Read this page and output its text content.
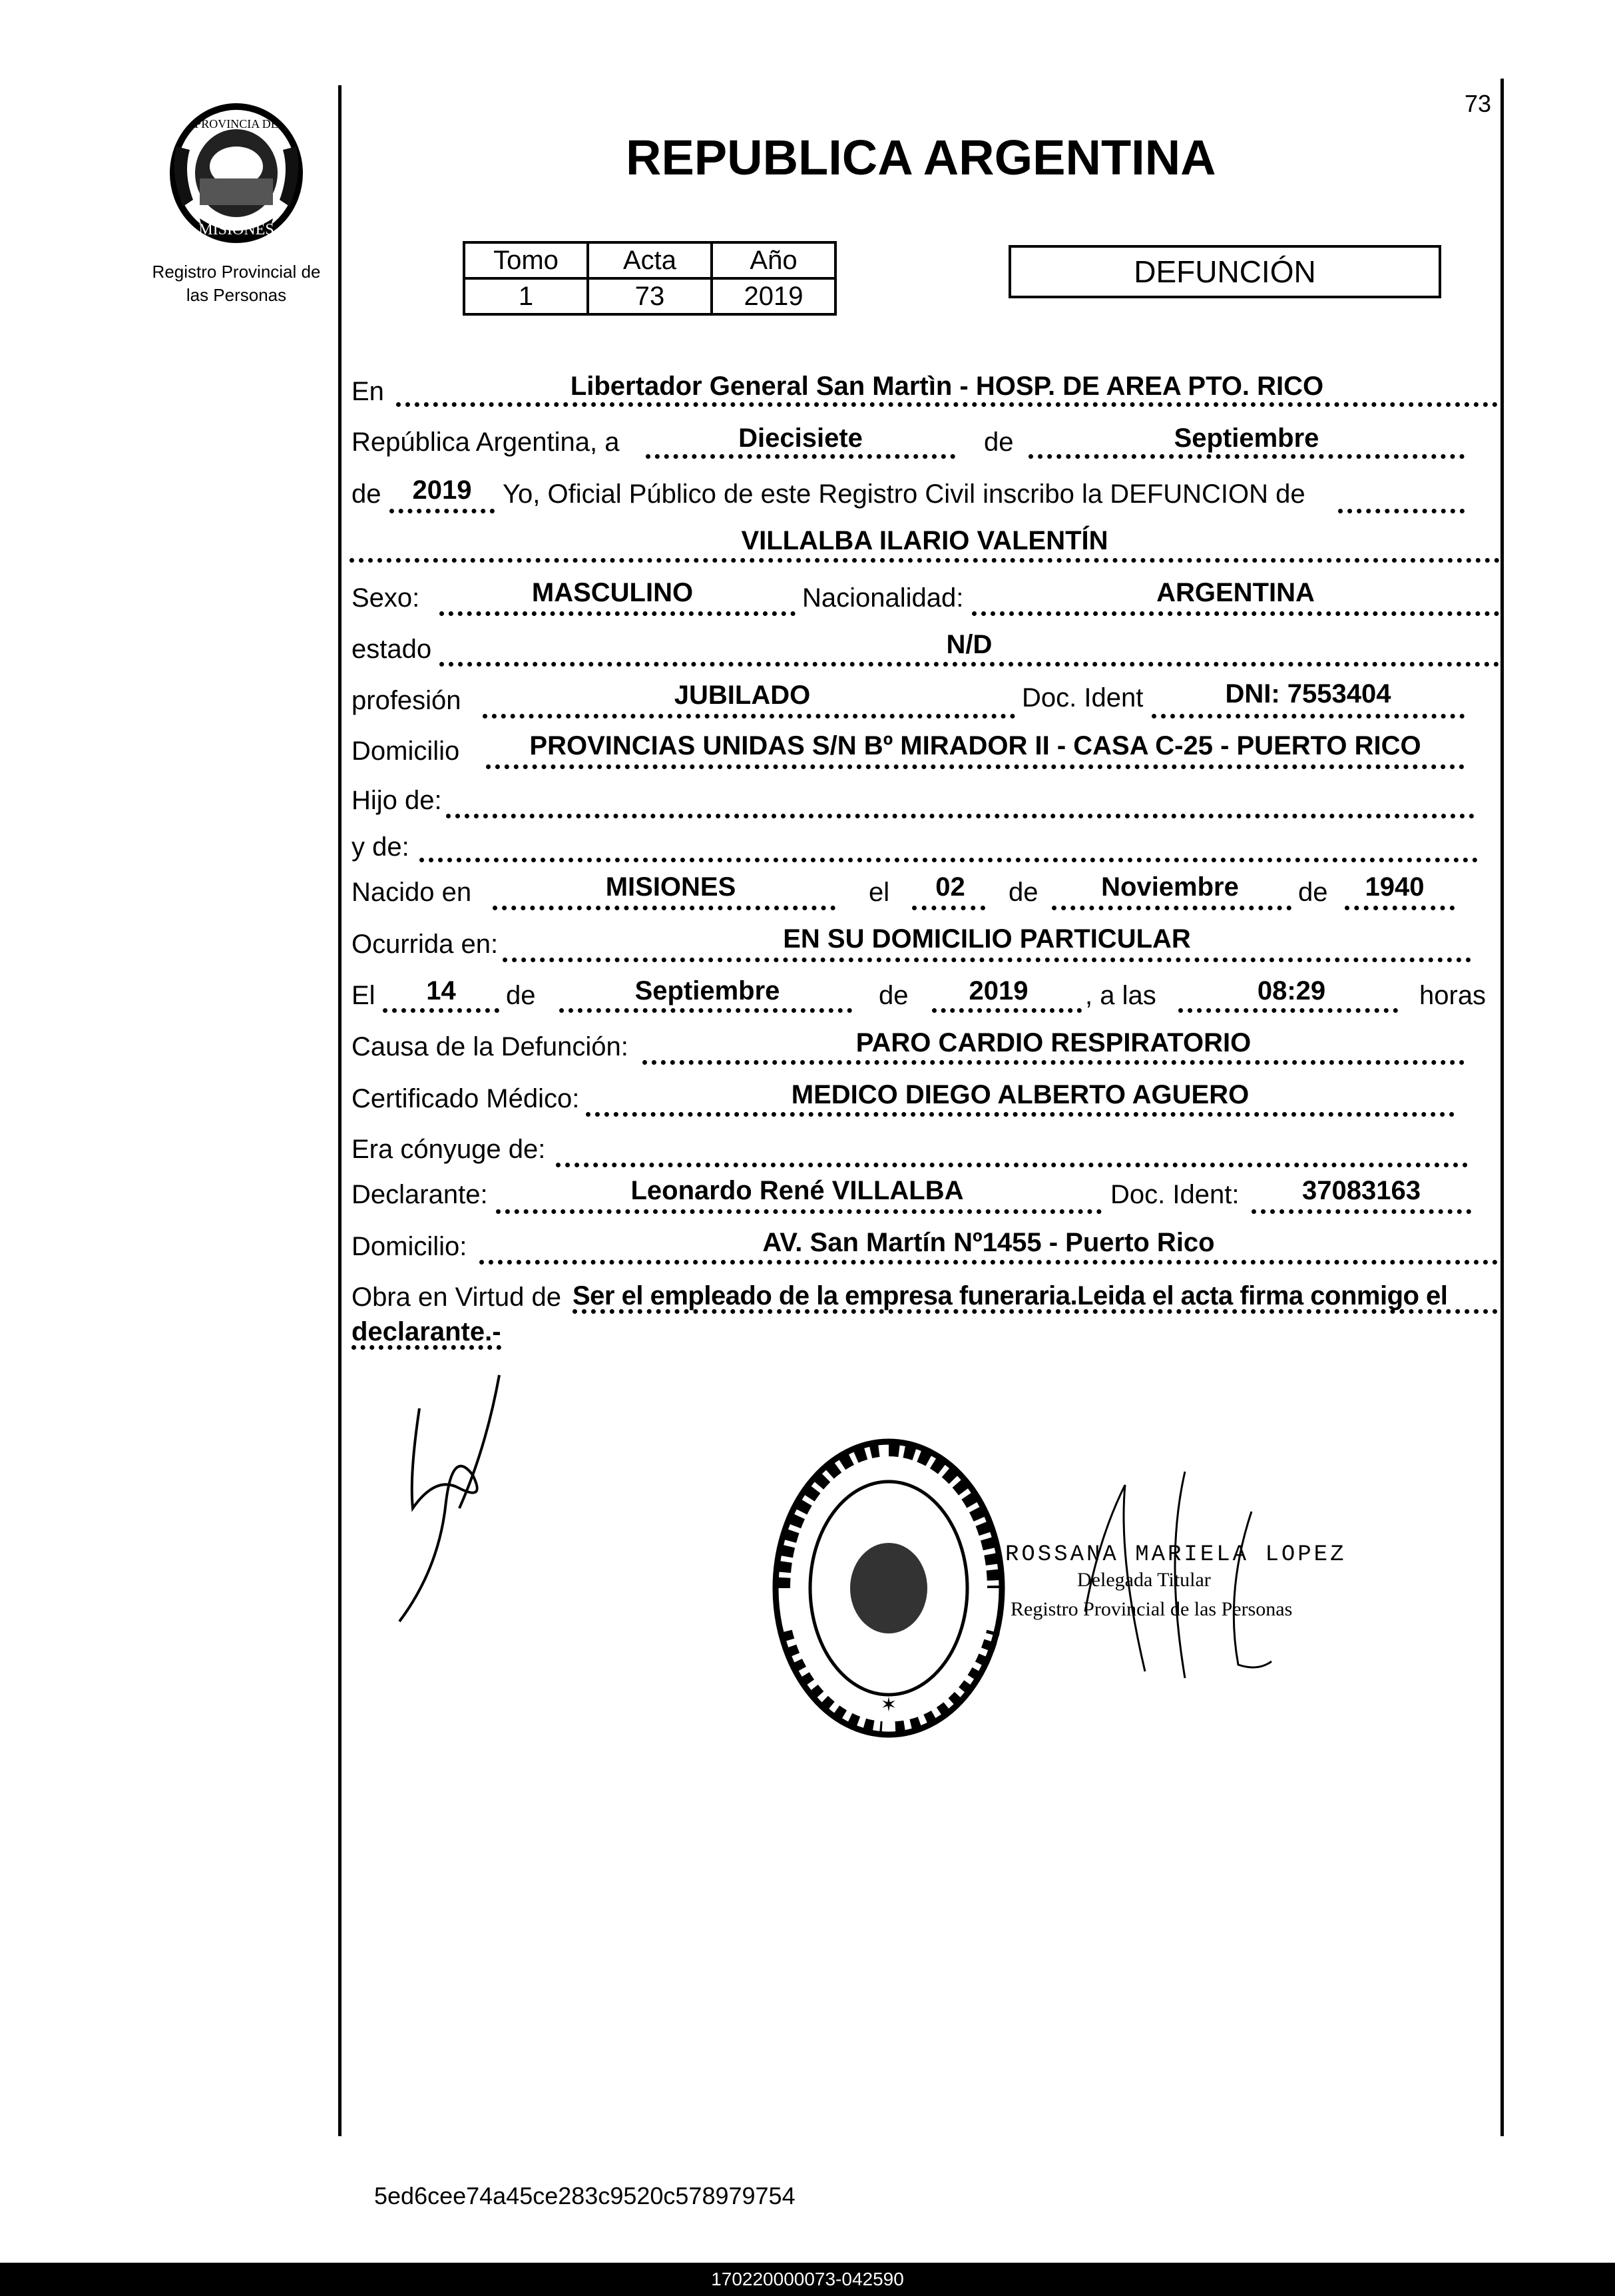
73
MISIONES
PROVINCIA DE
Registro Provincial de
las Personas
REPUBLICA ARGENTINA
Tomo	Acta	Año
1	73	2019
DEFUNCIÓN
En	Libertador General San Martìn - HOSP. DE AREA PTO. RICO
República Argentina, a	Diecisiete	de	Septiembre
de	2019	Yo, Oficial Público de este Registro Civil inscribo la DEFUNCION de
VILLALBA ILARIO VALENTÍN
Sexo:	MASCULINO	Nacionalidad:	ARGENTINA
estado	N/D
profesión	JUBILADO	Doc. Ident	DNI: 7553404
Domicilio	PROVINCIAS UNIDAS S/N Bº MIRADOR II - CASA C-25 - PUERTO RICO
Hijo de:
y de:
Nacido en	MISIONES	el	02	de	Noviembre	de	1940
Ocurrida en:	EN SU DOMICILIO PARTICULAR
El	14	de	Septiembre	de	2019	, a las	08:29	horas
Causa de la Defunción:	PARO CARDIO RESPIRATORIO
Certificado Médico:	MEDICO DIEGO ALBERTO AGUERO
Era cónyuge de:
Declarante:	Leonardo René VILLALBA	Doc. Ident:	37083163
Domicilio:	AV. San Martín Nº1455 - Puerto Rico
Obra en Virtud de Ser el empleado de la empresa funeraria.Leida el acta firma conmigo el
declarante.-
✶
ROSSANA MARIELA LOPEZ
Delegada Titular
Registro Provincial de las Personas
5ed6cee74a45ce283c9520c578979754
170220000073-042590
